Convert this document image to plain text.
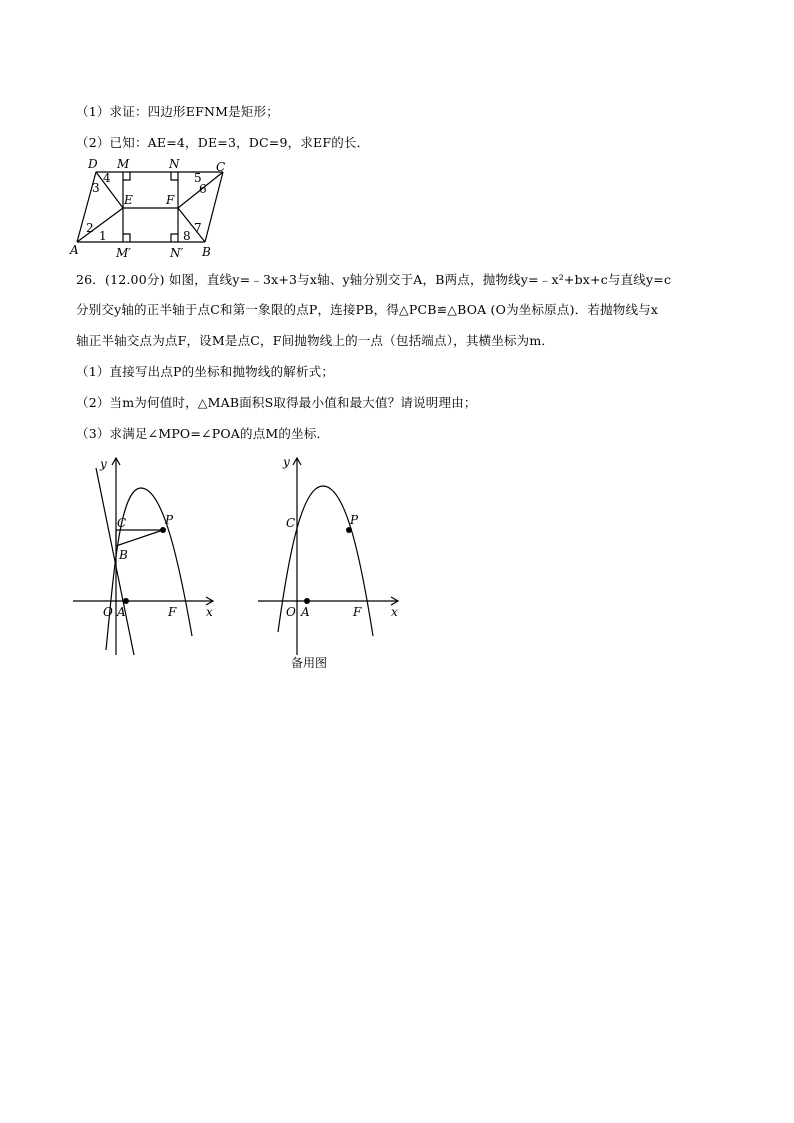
（1）求证：四边形EFNM是矩形；
（2）已知：AE=4，DE=3，DC=9，求EF的长．
D M	N	C
A	M′	N′ B
E	F
1
2
3
4	5
6
7
8
26．(12.00分) 如图，直线y=﹣3x+3与x轴、y轴分别交于A，B两点，抛物线y=﹣x²+bx+c与直线y=c
分别交y轴的正半轴于点C和第一象限的点P，连接PB，得△PCB≌△BOA (O为坐标原点)．若抛物线与x
轴正半轴交点为点F，设M是点C，F间抛物线上的一点（包括端点），其横坐标为m．
（1）直接写出点P的坐标和抛物线的解析式；
（2）当m为何值时，△MAB面积S取得最小值和最大值？请说明理由；
（3）求满足∠MPO=∠POA的点M的坐标．
y
x
O A	F
C	P
B
y
x
O A	F
C	P
备用图
